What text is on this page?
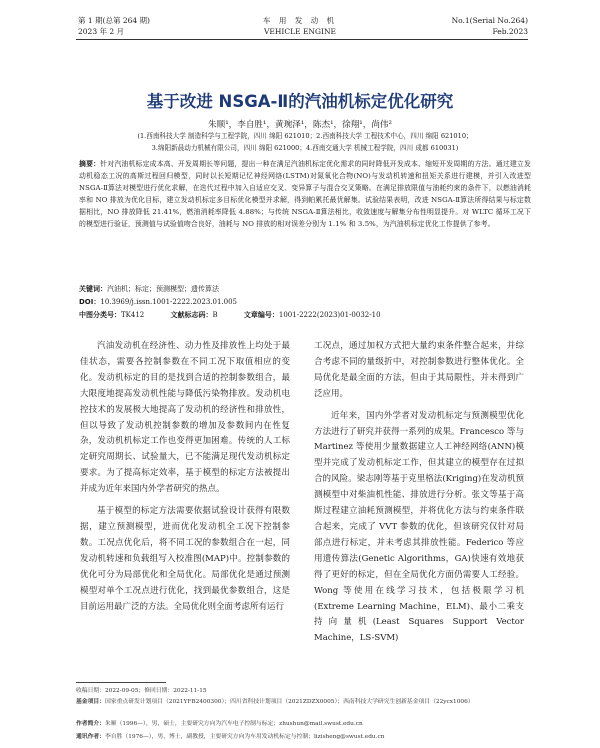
第 1 期(总第 264 期)
2023 年 2 月
车 用 发 动 机
VEHICLE ENGINE
No.1(Serial No.264)
Feb.2023
基于改进 NSGA-Ⅱ的汽油机标定优化研究
朱顺¹，李自胜¹，黄琬泽¹，陈杰¹，徐翔¹，尚伟²
(1.西南科技大学 制造科学与工程学院，四川 绵阳 621010；2.西南科技大学 工程技术中心，四川 绵阳 621010；
3.绵阳新晨动力机械有限公司，四川 绵阳 621000；4.西南交通大学 机械工程学院，四川 成都 610031)
摘要：针对汽油机标定成本高、开发周期长等问题，提出一种在满足汽油机标定优化需求的同时降低开发成本、缩短开发周期的方法。通过建立发动机稳态工况的高斯过程回归模型，同时以长短期记忆神经网络(LSTM)对氮氧化合物(NO)与发动机转速和扭矩关系进行建模，并引入改进型 NSGA-Ⅱ算法对模型进行优化求解，在迭代过程中加入自适应交叉、变异算子与混合交叉策略。在满足排放限值与油耗约束的条件下，以燃油消耗率和 NO 排放为优化目标，建立发动机标定多目标优化模型并求解，得到帕累托最优解集。试验结果表明，改进 NSGA-Ⅱ算法所得结果与标定数据相比，NO 排放降低 21.41%，燃油消耗率降低 4.88%；与传统 NSGA-Ⅱ算法相比，收敛速度与解集分布性明显提升。对 WLTC 循环工况下的模型进行验证，预测值与试验值吻合良好，油耗与 NO 排放的相对误差分别为 1.1% 和 3.5%，为汽油机标定优化工作提供了参考。
关键词：汽油机；标定；预测模型；遗传算法
DOI：10.3969/j.issn.1001-2222.2023.01.005
中图分类号：TK412	文献标志码：B	文章编号：1001-2222(2023)01-0032-10

汽油发动机在经济性、动力性及排放性上均处于最佳状态，需要各控制参数在不同工况下取值相应的变化。发动机标定的目的是找到合适的控制参数组合，最大限度地提高发动机性能与降低污染物排放。发动机电控技术的发展极大地提高了发动机的经济性和排放性，但以导致了发动机控制参数的增加及参数间内在性复杂，发动机机标定工作也变得更加困难。传统的人工标定研究周期长、试验量大，已不能满足现代发动机标定要求。为了提高标定效率，基于模型的标定方法被提出并成为近年来国内外学者研究的热点。

基于模型的标定方法需要依据试验设计获得有限数据，建立预测模型，进而优化发动机全工况下控制参数。工况点优化后，将不同工况的参数组合在一起，同发动机转速和负载组写入校准图(MAP)中。控制参数的优化可分为局部优化和全局优化。局部优化是通过预测模型对单个工况点进行优化，找到最优参数组合，这是目前运用最广泛的方法。全局优化则全面考虑所有运行

工况点，通过加权方式把大量约束条件整合起来，并综合考虑不同的量级折中，对控制参数进行整体优化。全局优化是最全面的方法，但由于其局限性，并未得到广泛应用。

近年来，国内外学者对发动机标定与预测模型优化方法进行了研究并获得一系列的成果。Francesco 等与 Martinez 等使用少量数据建立人工神经网络(ANN)模型并完成了发动机标定工作，但其建立的模型存在过拟合的风险。梁志刚等基于克里格法(Kriging)在发动机预测模型中对柴油机性能、排放进行分析。张文等基于高斯过程建立油耗预测模型，并将优化方法与约束条件联合起来，完成了 VVT 参数的优化，但该研究仅针对局部点进行标定，并未考虑其排放性能。Federico 等应用遗传算法(Genetic Algorithms，GA)快速有效地获得了更好的标定，但在全局优化方面仍需要人工经验。Wong 等使用在线学习技术，包括极限学习机(Extreme Learning Machine，ELM)、最小二乘支持向量机(Least Squares Support Vector Machine，LS-SVM)

收稿日期：2022-09-05；修回日期：2022-11-15
基金项目：国家重点研发计划项目（2021YFB2400300）；四川省科技计划项目（2021ZDZX0005）；西南科技大学研究生创新基金项目（22ycx1006）
作者简介：朱顺（1996—），男，硕士，主要研究方向为汽车电子控制与标定；zhushun@mail.swust.edu.cn
通讯作者：李自胜（1976—），男，博士，副教授，主要研究方向为车用发动机标定与控制；lizisheng@swust.edu.cn
